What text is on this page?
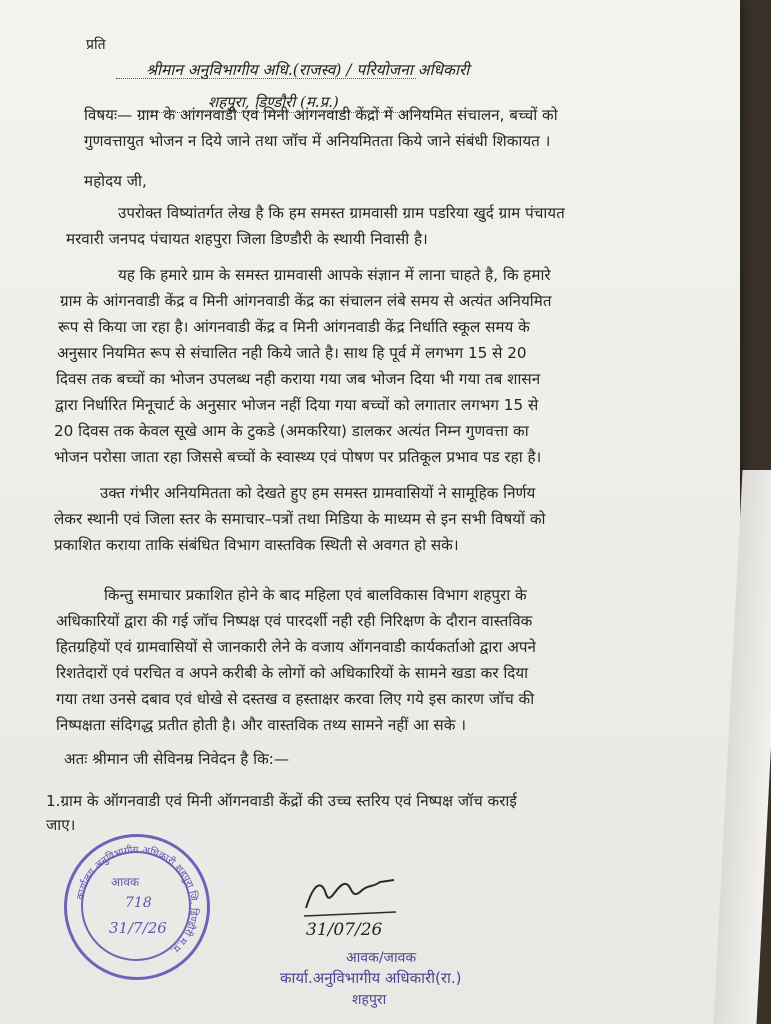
प्रति
श्रीमान अनुविभागीय अधि.(राजस्व) / परियोजना अधिकारी
शहपुरा, डिण्डौरी (म.प्र.)
विषयः— ग्राम के आंगनवाडी एवं मिनी आंगनवाडी केंद्रों में अनियमित संचालन, बच्चों को
गुणवत्तायुत भोजन न दिये जाने तथा जॉच में अनियमितता किये जाने संबंधी शिकायत ।
महोदय जी,
उपरोक्त विष्यांतर्गत लेख है कि हम समस्त ग्रामवासी ग्राम पडरिया खुर्द ग्राम पंचायत
मरवारी जनपद पंचायत शहपुरा जिला डिण्डौरी के स्थायी निवासी है।
यह कि हमारे ग्राम के समस्त ग्रामवासी आपके संज्ञान में लाना चाहते है, कि हमारे
ग्राम के आंगनवाडी केंद्र व मिनी आंगनवाडी केंद्र का संचालन लंबे समय से अत्यंत अनियमित
रूप से किया जा रहा है। आंगनवाडी केंद्र व मिनी आंगनवाडी केंद्र निर्धाति स्कूल समय के
अनुसार नियमित रूप से संचालित नही किये जाते है। साथ हि पूर्व में लगभग 15 से 20
दिवस तक बच्चों का भोजन उपलब्ध नही कराया गया जब भोजन दिया भी गया तब शासन
द्वारा निर्धारित मिनूचार्ट के अनुसार भोजन नहीं दिया गया बच्चों को लगातार लगभग 15 से
20 दिवस तक केवल सूखे आम के टुकडे (अमकरिया) डालकर अत्यंत निम्न गुणवत्ता का
भोजन परोसा जाता रहा जिससे बच्चों के स्वास्थ्य एवं पोषण पर प्रतिकूल प्रभाव पड रहा है।
उक्त गंभीर अनियमितता को देखते हुए हम समस्त ग्रामवासियों ने सामूहिक निर्णय
लेकर स्थानी एवं जिला स्तर के समाचार–पत्रों तथा मिडिया के माध्यम से इन सभी विषयों को
प्रकाशित कराया ताकि संबंधित विभाग वास्तविक स्थिती से अवगत हो सके।
किन्तु समाचार प्रकाशित होने के बाद महिला एवं बालविकास विभाग शहपुरा के
अधिकारियों द्वारा की गई जॉच निष्पक्ष एवं पारदर्शी नही रही निरिक्षण के दौरान वास्तविक
हितग्रहियों एवं ग्रामवासियों से जानकारी लेने के वजाय ऑगनवाडी कार्यकर्ताओ द्वारा अपने
रिशतेदारों एवं परचित व अपने करीबी के लोगों को अधिकारियों के सामने खडा कर दिया
गया तथा उनसे दबाव एवं धोखे से दस्तख व हस्ताक्षर करवा लिए गये इस कारण जॉच की
निष्पक्षता संदिगद्ध प्रतीत होती है। और वास्तविक तथ्य सामने नहीं आ सके ।
अतः श्रीमान जी सेविनम्र निवेदन है कि:—
1.ग्राम के ऑगनवाडी एवं मिनी ऑगनवाडी केंद्रों की उच्च स्तरिय एवं निष्पक्ष जॉच कराई
जाए।
कार्यालय अनुविभागीय अधिकारी शहपुरा जि. डिण्डौरी म.प्र.
आवक
718
31/7/26	31/07/26
आवक/जावक
कार्या.अनुविभागीय अधिकारी(रा.)
शहपुरा
